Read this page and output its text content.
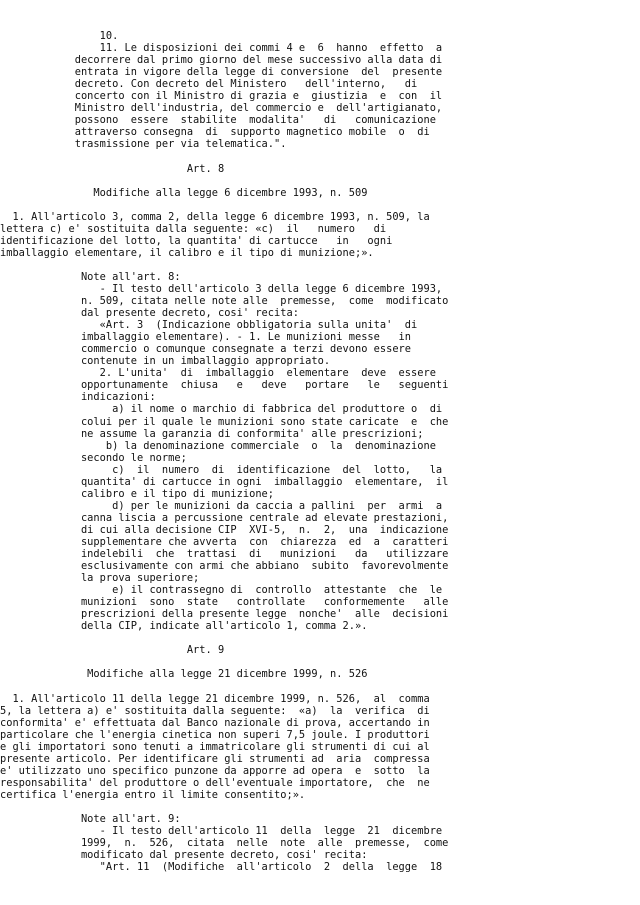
10.
11. Le disposizioni dei commi 4 e  6  hanno  effetto  a
decorrere dal primo giorno del mese successivo alla data di
entrata in vigore della legge di conversione  del  presente
decreto. Con decreto del Ministero   dell'interno,   di
concerto con il Ministro di grazia e  giustizia  e  con  il
Ministro dell'industria, del commercio e  dell'artigianato,
possono  essere  stabilite  modalita'   di   comunicazione
attraverso consegna  di  supporto magnetico mobile  o  di
trasmissione per via telematica.".
Art. 8
Modifiche alla legge 6 dicembre 1993, n. 509
1. All'articolo 3, comma 2, della legge 6 dicembre 1993, n. 509, la
lettera c) e' sostituita dalla seguente: «c)  il   numero   di
identificazione del lotto, la quantita' di cartucce   in   ogni
imballaggio elementare, il calibro e il tipo di munizione;».
Note all'art. 8:
- Il testo dell'articolo 3 della legge 6 dicembre 1993,
n. 509, citata nelle note alle  premesse,  come  modificato
dal presente decreto, cosi' recita:
«Art. 3  (Indicazione obbligatoria sulla unita'  di
imballaggio elementare). - 1. Le munizioni messe   in
commercio o comunque consegnate a terzi devono essere
contenute in un imballaggio appropriato.
2. L'unita'  di  imballaggio  elementare  deve  essere
opportunamente  chiusa   e   deve   portare   le   seguenti
indicazioni:
a) il nome o marchio di fabbrica del produttore o  di
colui per il quale le munizioni sono state caricate  e  che
ne assume la garanzia di conformita' alle prescrizioni;
b) la denominazione commerciale  o  la  denominazione
secondo le norme;
c)  il  numero  di  identificazione  del  lotto,   la
quantita' di cartucce in ogni  imballaggio  elementare,  il
calibro e il tipo di munizione;
d) per le munizioni da caccia a pallini  per  armi  a
canna liscia a percussione centrale ad elevate prestazioni,
di cui alla decisione CIP  XVI-5,  n.  2,  una  indicazione
supplementare che avverta  con  chiarezza  ed  a  caratteri
indelebili  che  trattasi  di   munizioni   da   utilizzare
esclusivamente con armi che abbiano  subito  favorevolmente
la prova superiore;
e) il contrassegno di  controllo  attestante  che  le
munizioni  sono  state   controllate   conformemente   alle
prescrizioni della presente legge  nonche'  alle  decisioni
della CIP, indicate all'articolo 1, comma 2.».
Art. 9
Modifiche alla legge 21 dicembre 1999, n. 526
1. All'articolo 11 della legge 21 dicembre 1999, n. 526,  al  comma
5, la lettera a) e' sostituita dalla seguente:  «a)  la  verifica  di
conformita' e' effettuata dal Banco nazionale di prova, accertando in
particolare che l'energia cinetica non superi 7,5 joule. I produttori
e gli importatori sono tenuti a immatricolare gli strumenti di cui al
presente articolo. Per identificare gli strumenti ad  aria  compressa
e' utilizzato uno specifico punzone da apporre ad opera  e  sotto  la
responsabilita' del produttore o dell'eventuale importatore,  che  ne
certifica l'energia entro il limite consentito;».
Note all'art. 9:
- Il testo dell'articolo 11  della  legge  21  dicembre
1999,  n.  526,  citata  nelle  note  alle  premesse,  come
modificato dal presente decreto, cosi' recita:
"Art. 11  (Modifiche  all'articolo  2  della  legge  18
